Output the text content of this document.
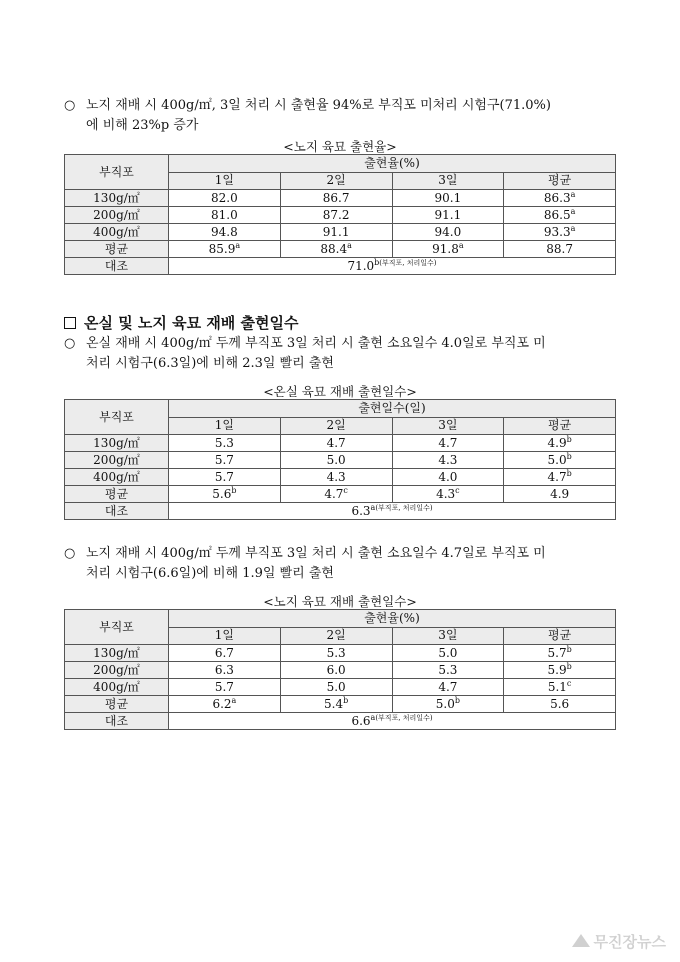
○ 노지 재배 시 400g/㎡, 3일 처리 시 출현율 94%로 부직포 미처리 시험구(71.0%)
에 비해 23%p 증가
<노지 육묘 출현율>
부직포	출현율(%)			
	1일	2일	3일	평균
130g/㎡	82.0	86.7	90.1	86.3$^a$
200g/㎡	81.0	87.2	91.1	86.5$^a$
400g/㎡	94.8	91.1	94.0	93.3$^a$
평균	85.9$^a$	88.4$^a$	91.8$^a$	88.7
대조	71.0$^{b(부직포, 처리일수)}$
온실 및 노지 육묘 재배 출현일수
○ 온실 재배 시 400g/㎡ 두께 부직포 3일 처리 시 출현 소요일수 4.0일로 부직포 미
처리 시험구(6.3일)에 비해 2.3일 빨리 출현
<온실 육묘 재배 출현일수>
부직포	출현일수(일)			
	1일	2일	3일	평균
130g/㎡	5.3	4.7	4.7	4.9$^b$
200g/㎡	5.7	5.0	4.3	5.0$^b$
400g/㎡	5.7	4.3	4.0	4.7$^b$
평균	5.6$^b$	4.7$^c$	4.3$^c$	4.9
대조	6.3$^{a(부직포, 처리일수)}$
○ 노지 재배 시 400g/㎡ 두께 부직포 3일 처리 시 출현 소요일수 4.7일로 부직포 미
처리 시험구(6.6일)에 비해 1.9일 빨리 출현
<노지 육묘 재배 출현일수>
부직포	출현율(%)			
	1일	2일	3일	평균
130g/㎡	6.7	5.3	5.0	5.7$^b$
200g/㎡	6.3	6.0	5.3	5.9$^b$
400g/㎡	5.7	5.0	4.7	5.1$^c$
평균	6.2$^a$	5.4$^b$	5.0$^b$	5.6
대조	6.6$^{a(부직포, 처리일수)}$
무진장뉴스
